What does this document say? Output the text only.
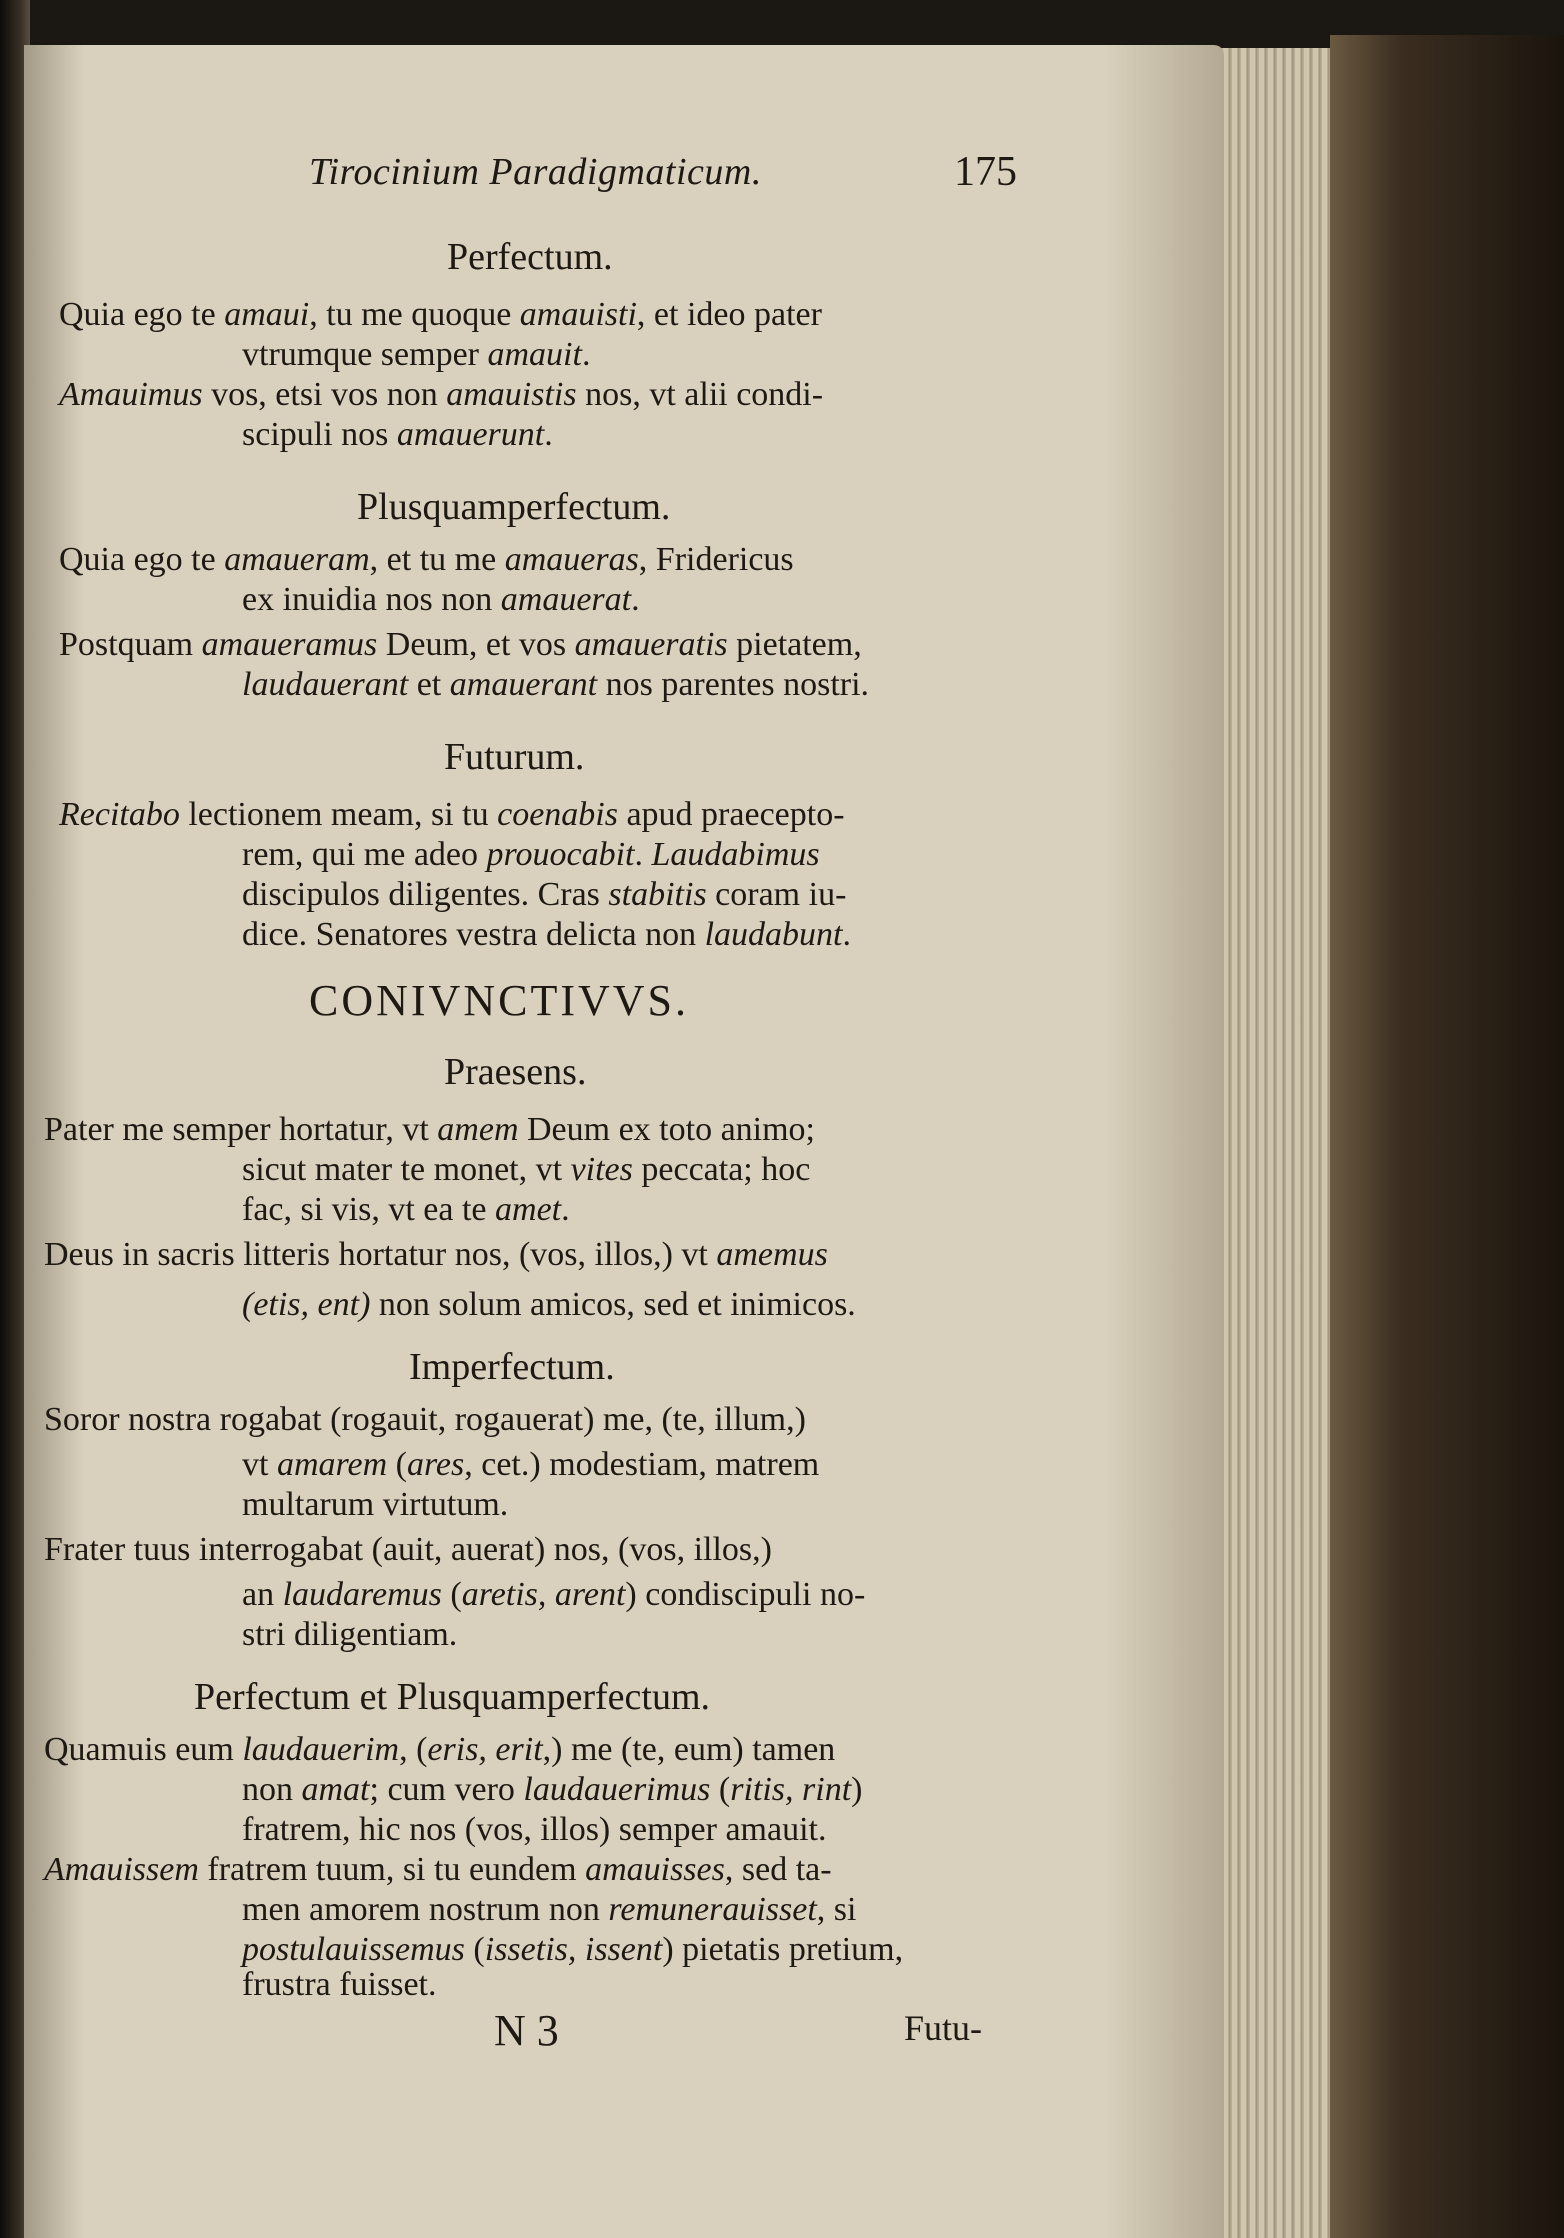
Tirocinium Paradigmaticum.	175
Perfectum.
Quia ego te amaui, tu me quoque amauisti, et ideo pater
vtrumque semper amauit.
Amauimus vos, etsi vos non amauistis nos, vt alii condi-
scipuli nos amauerunt.
Plusquamperfectum.
Quia ego te amaueram, et tu me amaueras, Fridericus
ex inuidia nos non amauerat.
Postquam amaueramus Deum, et vos amaueratis pietatem,
laudauerant et amauerant nos parentes nostri.
Futurum.
Recitabo lectionem meam, si tu coenabis apud praecepto-
rem, qui me adeo prouocabit. Laudabimus
discipulos diligentes. Cras stabitis coram iu-
dice. Senatores vestra delicta non laudabunt.
CONIVNCTIVVS.
Praesens.
Pater me semper hortatur, vt amem Deum ex toto animo;
sicut mater te monet, vt vites peccata; hoc
fac, si vis, vt ea te amet.
Deus in sacris litteris hortatur nos, (vos, illos,) vt amemus
(etis, ent) non solum amicos, sed et inimicos.
Imperfectum.
Soror nostra rogabat (rogauit, rogauerat) me, (te, illum,)
vt amarem (ares, cet.) modestiam, matrem
multarum virtutum.
Frater tuus interrogabat (auit, auerat) nos, (vos, illos,)
an laudaremus (aretis, arent) condiscipuli no-
stri diligentiam.
Perfectum et Plusquamperfectum.
Quamuis eum laudauerim, (eris, erit,) me (te, eum) tamen
non amat; cum vero laudauerimus (ritis, rint)
fratrem, hic nos (vos, illos) semper amauit.
Amauissem fratrem tuum, si tu eundem amauisses, sed ta-
men amorem nostrum non remunerauisset, si
postulauissemus (issetis, issent) pietatis pretium,
frustra fuisset.
N 3	Futu-
